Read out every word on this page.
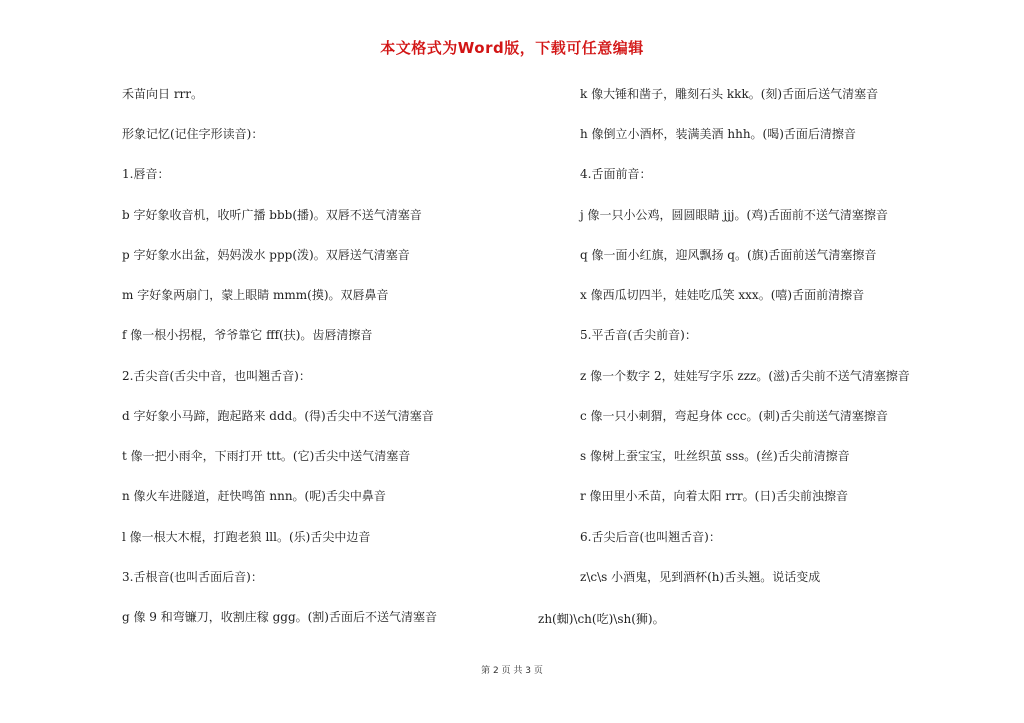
本文格式为Word版，下载可任意编辑
禾苗向日 rrr。
形象记忆(记住字形读音)：
1.唇音：
b 字好象收音机，收听广播 bbb(播)。双唇不送气清塞音
p 字好象水出盆，妈妈泼水 ppp(泼)。双唇送气清塞音
m 字好象两扇门，蒙上眼睛 mmm(摸)。双唇鼻音
f 像一根小拐棍，爷爷靠它 fff(扶)。齿唇清擦音
2.舌尖音(舌尖中音，也叫翘舌音)：
d 字好象小马蹄，跑起路来 ddd。(得)舌尖中不送气清塞音
t 像一把小雨伞，下雨打开 ttt。(它)舌尖中送气清塞音
n 像火车进隧道，赶快鸣笛 nnn。(呢)舌尖中鼻音
l 像一根大木棍，打跑老狼 lll。(乐)舌尖中边音
3.舌根音(也叫舌面后音)：
g 像 9 和弯镰刀，收割庄稼 ggg。(割)舌面后不送气清塞音
k 像大锤和凿子，雕刻石头 kkk。(刻)舌面后送气清塞音
h 像倒立小酒杯，装满美酒 hhh。(喝)舌面后清擦音
4.舌面前音：
j 像一只小公鸡，圆圆眼睛 jjj。(鸡)舌面前不送气清塞擦音
q 像一面小红旗，迎风飘扬 q。(旗)舌面前送气清塞擦音
x 像西瓜切四半，娃娃吃瓜笑 xxx。(嘻)舌面前清擦音
5.平舌音(舌尖前音)：
z 像一个数字 2，娃娃写字乐 zzz。(滋)舌尖前不送气清塞擦音
c 像一只小刺猬，弯起身体 ccc。(刺)舌尖前送气清塞擦音
s 像树上蚕宝宝，吐丝织茧 sss。(丝)舌尖前清擦音
r 像田里小禾苗，向着太阳 rrr。(日)舌尖前浊擦音
6.舌尖后音(也叫翘舌音)：
z\c\s 小酒鬼，见到酒杯(h)舌头翘。说话变成
zh(蜘)\ch(吃)\sh(狮)。
第 2 页 共 3 页
